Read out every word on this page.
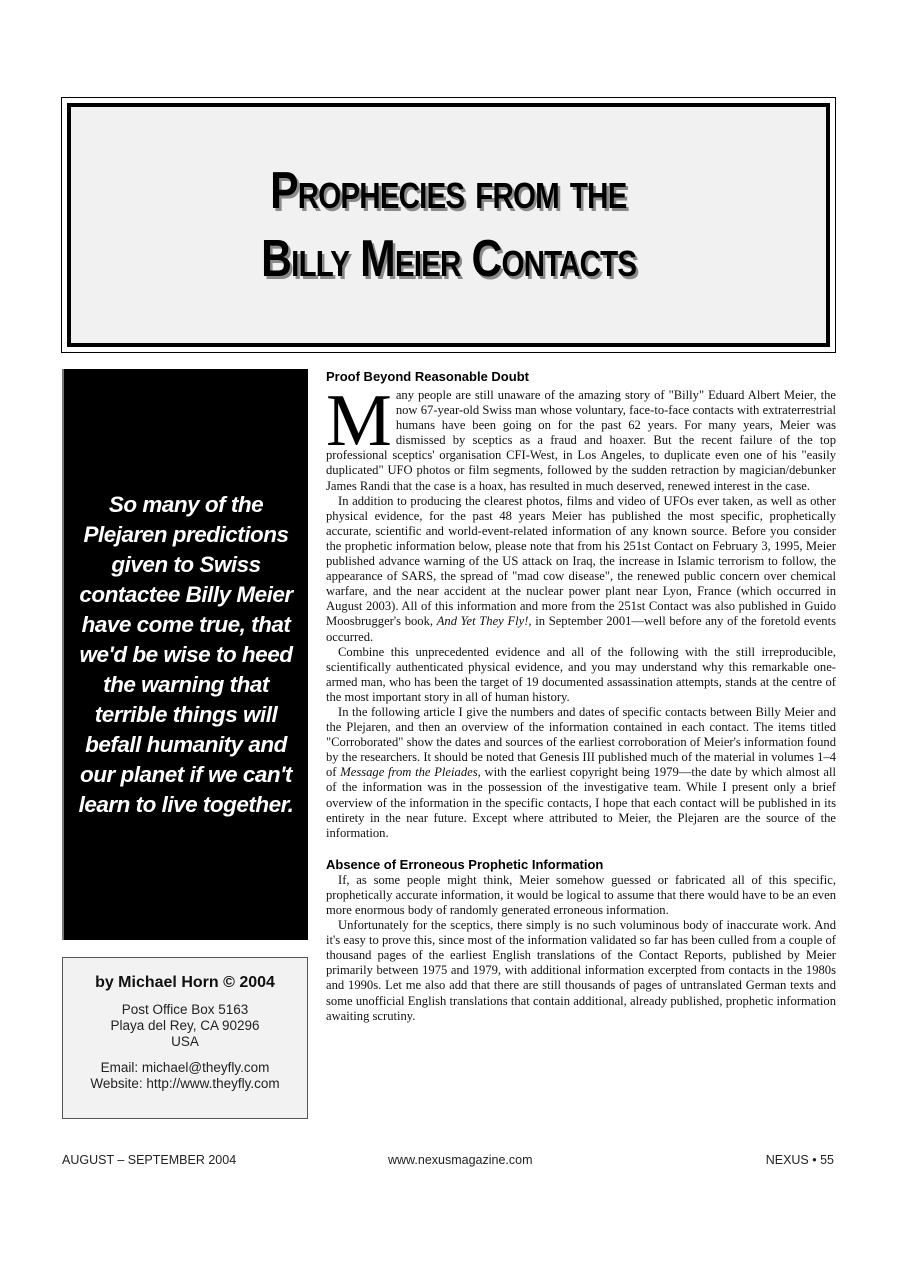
Prophecies from the
Billy Meier Contacts
So many of the Plejaren predictions given to Swiss contactee Billy Meier have come true, that we'd be wise to heed the warning that terrible things will befall humanity and our planet if we can't learn to live together.
by Michael Horn © 2004
Post Office Box 5163
Playa del Rey, CA 90296
USA
Email: michael@theyfly.com
Website: http://www.theyfly.com
Proof Beyond Reasonable Doubt

Many people are still unaware of the amazing story of "Billy" Eduard Albert Meier, the now 67-year-old Swiss man whose voluntary, face-to-face contacts with extraterrestrial humans have been going on for the past 62 years. For many years, Meier was dismissed by sceptics as a fraud and hoaxer. But the recent failure of the top professional sceptics' organisation CFI-West, in Los Angeles, to duplicate even one of his "easily duplicated" UFO photos or film segments, followed by the sudden retraction by magician/debunker James Randi that the case is a hoax, has resulted in much deserved, renewed interest in the case.

In addition to producing the clearest photos, films and video of UFOs ever taken, as well as other physical evidence, for the past 48 years Meier has published the most specific, prophetically accurate, scientific and world-event-related information of any known source. Before you consider the prophetic information below, please note that from his 251st Contact on February 3, 1995, Meier published advance warning of the US attack on Iraq, the increase in Islamic terrorism to follow, the appearance of SARS, the spread of "mad cow disease", the renewed public concern over chemical warfare, and the near accident at the nuclear power plant near Lyon, France (which occurred in August 2003). All of this information and more from the 251st Contact was also published in Guido Moosbrugger's book, And Yet They Fly!, in September 2001—well before any of the foretold events occurred.

Combine this unprecedented evidence and all of the following with the still irreproducible, scientifically authenticated physical evidence, and you may understand why this remarkable one-armed man, who has been the target of 19 documented assassination attempts, stands at the centre of the most important story in all of human history.

In the following article I give the numbers and dates of specific contacts between Billy Meier and the Plejaren, and then an overview of the information contained in each contact. The items titled "Corroborated" show the dates and sources of the earliest corroboration of Meier's information found by the researchers. It should be noted that Genesis III published much of the material in volumes 1–4 of Message from the Pleiades, with the earliest copyright being 1979—the date by which almost all of the information was in the possession of the investigative team. While I present only a brief overview of the information in the specific contacts, I hope that each contact will be published in its entirety in the near future. Except where attributed to Meier, the Plejaren are the source of the information.

Absence of Erroneous Prophetic Information

If, as some people might think, Meier somehow guessed or fabricated all of this specific, prophetically accurate information, it would be logical to assume that there would have to be an even more enormous body of randomly generated erroneous information.

Unfortunately for the sceptics, there simply is no such voluminous body of inaccurate work. And it's easy to prove this, since most of the information validated so far has been culled from a couple of thousand pages of the earliest English translations of the Contact Reports, published by Meier primarily between 1975 and 1979, with additional information excerpted from contacts in the 1980s and 1990s. Let me also add that there are still thousands of pages of untranslated German texts and some unofficial English translations that contain additional, already published, prophetic information awaiting scrutiny.

AUGUST – SEPTEMBER 2004	www.nexusmagazine.com	NEXUS • 55
